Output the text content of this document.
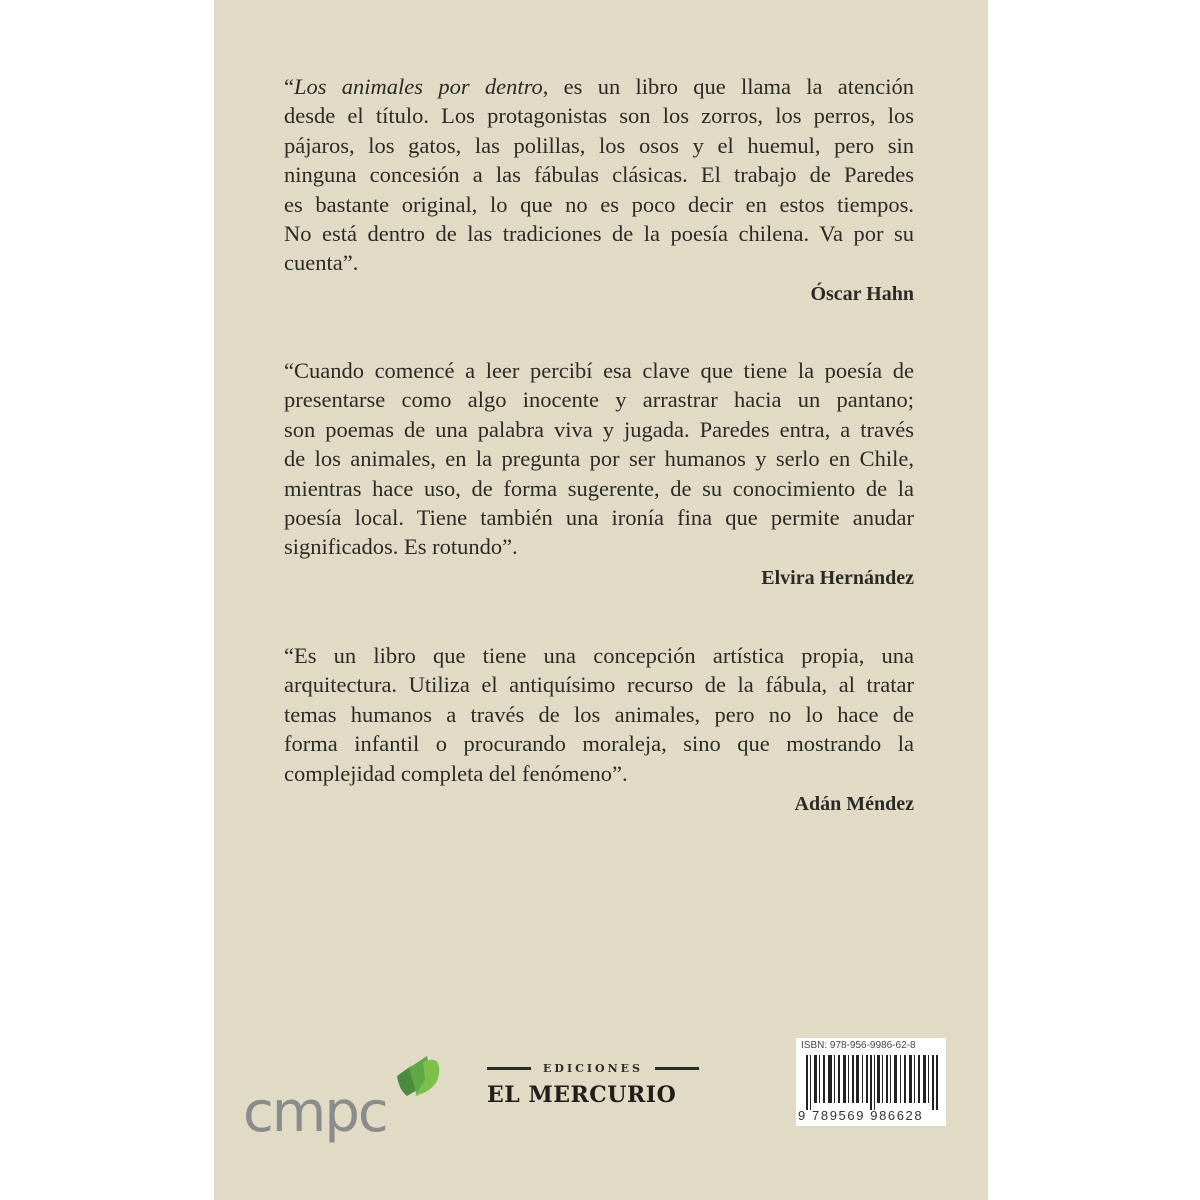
“Los animales por dentro, es un libro que llama la atención
desde el título. Los protagonistas son los zorros, los perros, los
pájaros, los gatos, las polillas, los osos y el huemul, pero sin
ninguna concesión a las fábulas clásicas. El trabajo de Paredes
es bastante original, lo que no es poco decir en estos tiempos.
No está dentro de las tradiciones de la poesía chilena. Va por su
cuenta”.
Óscar Hahn
“Cuando comencé a leer percibí esa clave que tiene la poesía de
presentarse como algo inocente y arrastrar hacia un pantano;
son poemas de una palabra viva y jugada. Paredes entra, a través
de los animales, en la pregunta por ser humanos y serlo en Chile,
mientras hace uso, de forma sugerente, de su conocimiento de la
poesía local. Tiene también una ironía fina que permite anudar
significados. Es rotundo”.
Elvira Hernández
“Es un libro que tiene una concepción artística propia, una
arquitectura. Utiliza el antiquísimo recurso de la fábula, al tratar
temas humanos a través de los animales, pero no lo hace de
forma infantil o procurando moraleja, sino que mostrando la
complejidad completa del fenómeno”.
Adán Méndez
cmpc
EDICIONES
EL MERCURIO
ISBN: 978-956-9986-62-8
9 789569 986628
